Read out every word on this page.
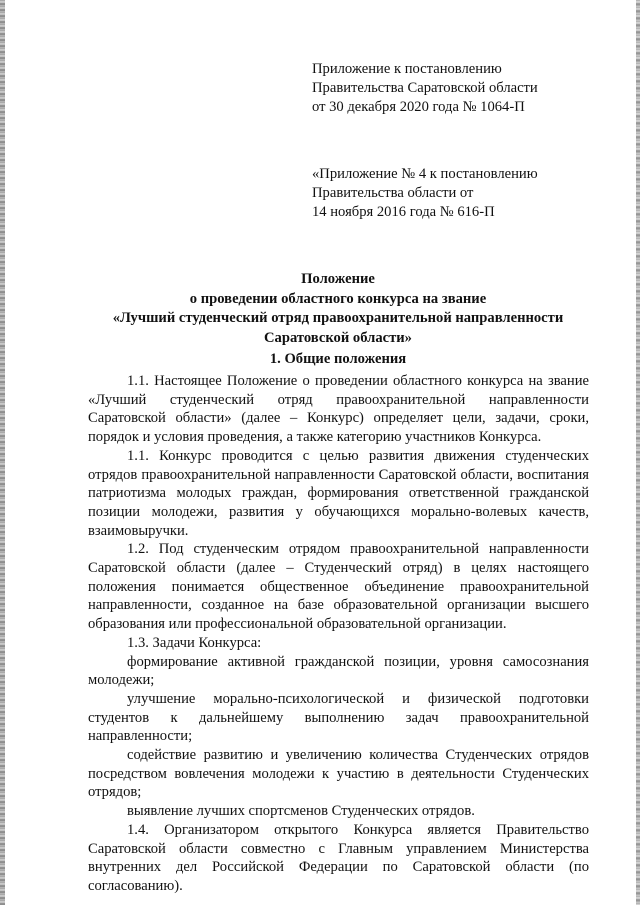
Приложение к постановлению
Правительства Саратовской области
от 30 декабря 2020 года № 1064-П
«Приложение № 4 к постановлению
Правительства области от
14 ноября 2016 года № 616-П
Положение
о проведении областного конкурса на звание
«Лучший студенческий отряд правоохранительной направленности
Саратовской области»
1. Общие положения

1.1. Настоящее Положение о проведении областного конкурса на звание «Лучший студенческий отряд правоохранительной направленности Саратовской области» (далее – Конкурс) определяет цели, задачи, сроки, порядок и условия проведения, а также категорию участников Конкурса.

1.1. Конкурс проводится с целью развития движения студенческих отрядов правоохранительной направленности Саратовской области, воспитания патриотизма молодых граждан, формирования ответственной гражданской позиции молодежи, развития у обучающихся морально-волевых качеств, взаимовыручки.

1.2. Под студенческим отрядом правоохранительной направленности Саратовской области (далее – Студенческий отряд) в целях настоящего положения понимается общественное объединение правоохранительной направленности, созданное на базе образовательной организации высшего образования или профессиональной образовательной организации.

1.3. Задачи Конкурса:

формирование активной гражданской позиции, уровня самосознания молодежи;

улучшение морально-психологической и физической подготовки студентов к дальнейшему выполнению задач правоохранительной направленности;

содействие развитию и увеличению количества Студенческих отрядов посредством вовлечения молодежи к участию в деятельности Студенческих отрядов;

выявление лучших спортсменов Студенческих отрядов.

1.4. Организатором открытого Конкурса является Правительство Саратовской области совместно с Главным управлением Министерства внутренних дел Российской Федерации по Саратовской области (по согласованию).
